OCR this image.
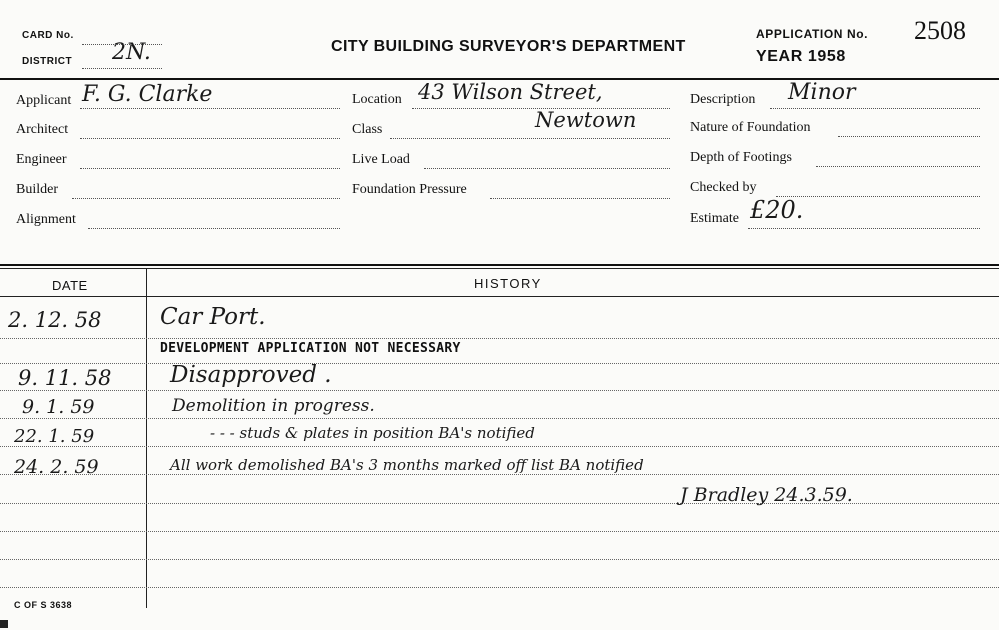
CARD No.
DISTRICT 2N.	CITY BUILDING SURVEYOR'S DEPARTMENT
APPLICATION No. 2508
YEAR 1958
Applicant F. G. Clarke
Architect
Engineer
Builder
Alignment
Location 43 Wilson Street,
Class	Newtown
Live Load
Foundation Pressure
Description Minor
Nature of Foundation
Depth of Footings
Checked by
Estimate £20.
DATE	HISTORY
2. 12. 58	Car Port.
DEVELOPMENT APPLICATION NOT NECESSARY
9. 11. 58	Disapproved .
9. 1. 59	Demolition in progress.
22. 1. 59	- - - studs & plates in position BA's notified
24. 2. 59	All work demolished BA's 3 months marked off list BA notified
J Bradley 24.3.59.
C OF S 3638
